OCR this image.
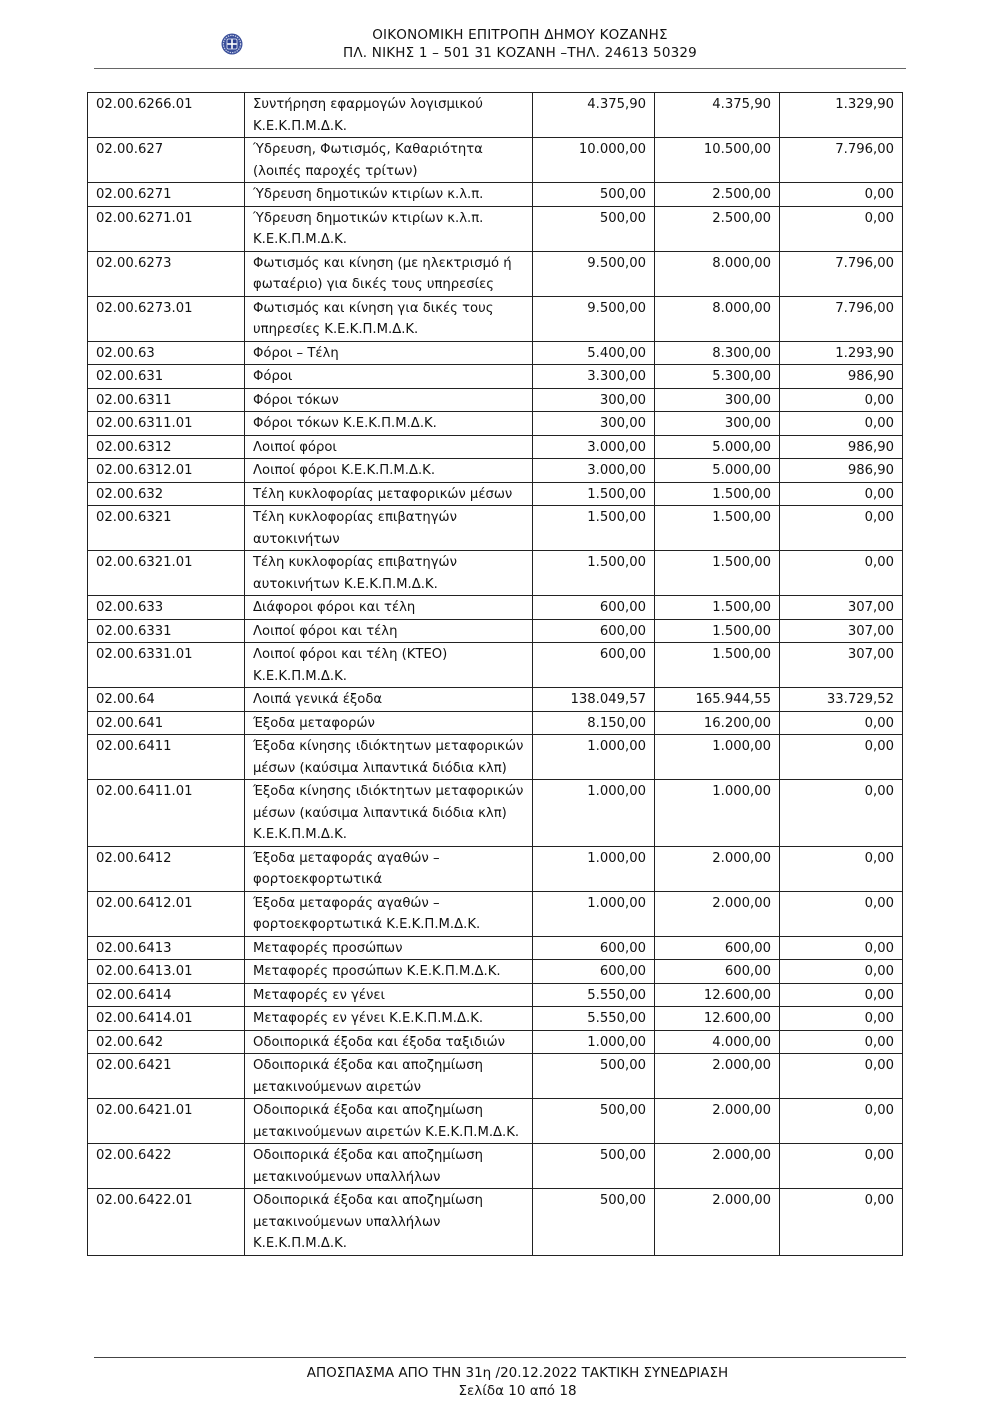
ΟΙΚΟΝΟΜΙΚΗ ΕΠΙΤΡΟΠΗ ΔΗΜΟΥ ΚΟΖΑΝΗΣ
ΠΛ. ΝΙΚΗΣ 1 – 501 31 ΚΟΖΑΝΗ –ΤΗΛ. 24613 50329
02.00.6266.01	Συντήρηση εφαρμογών λογισμικού Κ.Ε.Κ.Π.Μ.Δ.Κ.	4.375,90	4.375,90	1.329,90
02.00.627	Ύδρευση, Φωτισμός, Καθαριότητα (λοιπές παροχές τρίτων)	10.000,00	10.500,00	7.796,00
02.00.6271	Ύδρευση δημοτικών κτιρίων κ.λ.π.	500,00	2.500,00	0,00
02.00.6271.01	Ύδρευση δημοτικών κτιρίων κ.λ.π. Κ.Ε.Κ.Π.Μ.Δ.Κ.	500,00	2.500,00	0,00
02.00.6273	Φωτισμός και κίνηση (με ηλεκτρισμό ή φωταέριο) για δικές τους υπηρεσίες	9.500,00	8.000,00	7.796,00
02.00.6273.01	Φωτισμός και κίνηση για δικές τους υπηρεσίες Κ.Ε.Κ.Π.Μ.Δ.Κ.	9.500,00	8.000,00	7.796,00
02.00.63	Φόροι – Τέλη	5.400,00	8.300,00	1.293,90
02.00.631	Φόροι	3.300,00	5.300,00	986,90
02.00.6311	Φόροι τόκων	300,00	300,00	0,00
02.00.6311.01	Φόροι τόκων Κ.Ε.Κ.Π.Μ.Δ.Κ.	300,00	300,00	0,00
02.00.6312	Λοιποί φόροι	3.000,00	5.000,00	986,90
02.00.6312.01	Λοιποί φόροι Κ.Ε.Κ.Π.Μ.Δ.Κ.	3.000,00	5.000,00	986,90
02.00.632	Τέλη κυκλοφορίας μεταφορικών μέσων	1.500,00	1.500,00	0,00
02.00.6321	Τέλη κυκλοφορίας επιβατηγών αυτοκινήτων	1.500,00	1.500,00	0,00
02.00.6321.01	Τέλη κυκλοφορίας επιβατηγών αυτοκινήτων Κ.Ε.Κ.Π.Μ.Δ.Κ.	1.500,00	1.500,00	0,00
02.00.633	Διάφοροι φόροι και τέλη	600,00	1.500,00	307,00
02.00.6331	Λοιποί φόροι και τέλη	600,00	1.500,00	307,00
02.00.6331.01	Λοιποί φόροι και τέλη (ΚΤΕΟ) Κ.Ε.Κ.Π.Μ.Δ.Κ.	600,00	1.500,00	307,00
02.00.64	Λοιπά γενικά έξοδα	138.049,57	165.944,55	33.729,52
02.00.641	Έξοδα μεταφορών	8.150,00	16.200,00	0,00
02.00.6411	Έξοδα κίνησης ιδιόκτητων μεταφορικών μέσων (καύσιμα λιπαντικά διόδια κλπ)	1.000,00	1.000,00	0,00
02.00.6411.01	Έξοδα κίνησης ιδιόκτητων μεταφορικών μέσων (καύσιμα λιπαντικά διόδια κλπ) Κ.Ε.Κ.Π.Μ.Δ.Κ.	1.000,00	1.000,00	0,00
02.00.6412	Έξοδα μεταφοράς αγαθών – φορτοεκφορτωτικά	1.000,00	2.000,00	0,00
02.00.6412.01	Έξοδα μεταφοράς αγαθών – φορτοεκφορτωτικά Κ.Ε.Κ.Π.Μ.Δ.Κ.	1.000,00	2.000,00	0,00
02.00.6413	Μεταφορές προσώπων	600,00	600,00	0,00
02.00.6413.01	Μεταφορές προσώπων Κ.Ε.Κ.Π.Μ.Δ.Κ.	600,00	600,00	0,00
02.00.6414	Μεταφορές εν γένει	5.550,00	12.600,00	0,00
02.00.6414.01	Μεταφορές εν γένει Κ.Ε.Κ.Π.Μ.Δ.Κ.	5.550,00	12.600,00	0,00
02.00.642	Οδοιπορικά έξοδα και έξοδα ταξιδιών	1.000,00	4.000,00	0,00
02.00.6421	Οδοιπορικά έξοδα και αποζημίωση μετακινούμενων αιρετών	500,00	2.000,00	0,00
02.00.6421.01	Οδοιπορικά έξοδα και αποζημίωση μετακινούμενων αιρετών Κ.Ε.Κ.Π.Μ.Δ.Κ.	500,00	2.000,00	0,00
02.00.6422	Οδοιπορικά έξοδα και αποζημίωση μετακινούμενων υπαλλήλων	500,00	2.000,00	0,00
02.00.6422.01	Οδοιπορικά έξοδα και αποζημίωση μετακινούμενων υπαλλήλων Κ.Ε.Κ.Π.Μ.Δ.Κ.	500,00	2.000,00	0,00
ΑΠΟΣΠΑΣΜΑ ΑΠΟ ΤΗΝ 31η /20.12.2022 ΤΑΚΤΙΚΗ ΣΥΝΕΔΡΙΑΣΗ
Σελίδα 10 από 18
